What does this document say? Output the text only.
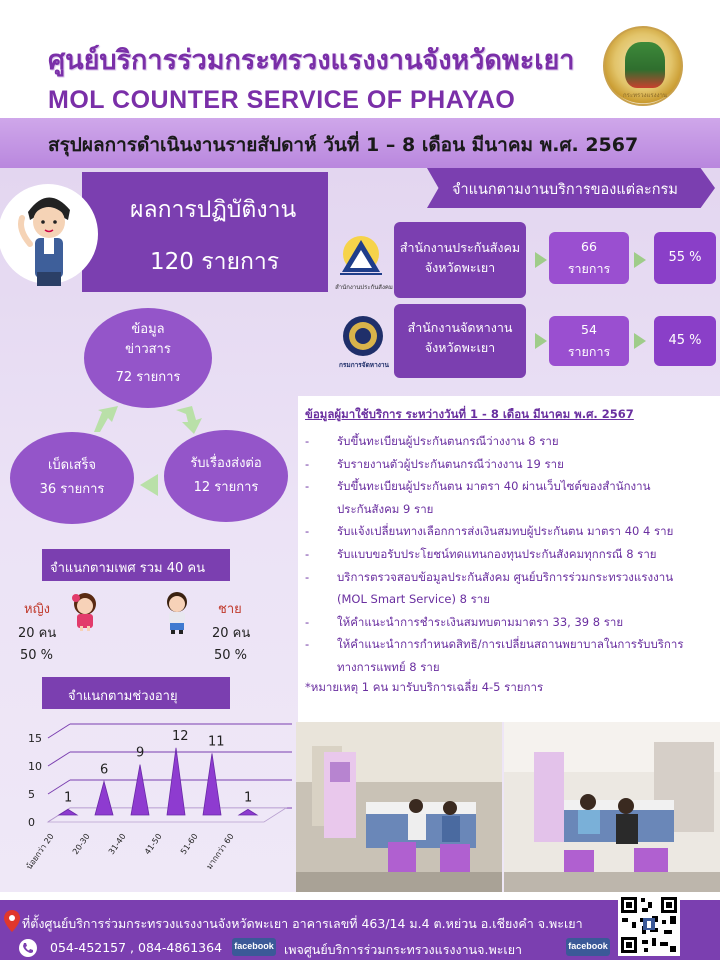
ศูนย์บริการร่วมกระทรวงแรงงานจังหวัดพะเยา
MOL COUNTER SERVICE OF PHAYAO	กระทรวงแรงงาน
สรุปผลการดำเนินงานรายสัปดาห์ วันที่ 1 – 8 เดือน มีนาคม พ.ศ. 2567
ผลการปฏิบัติงาน
120 รายการ
จำแนกตามงานบริการของแต่ละกรม
สำนักงานประกันสังคม
สำนักงานประกันสังคม
จังหวัดพะเยา
66
รายการ
55 %
กรมการจัดหางาน
สำนักงานจัดหางาน
จังหวัดพะเยา
54
รายการ
45 %
ข้อมูล
ข่าวสาร
72 รายการ
รับเรื่องส่งต่อ
12 รายการ
เบ็ดเสร็จ
36 รายการ
จำแนกตามเพศ รวม 40 คน
หญิง
20 คน
50 %
ชาย
20 คน
50 %
จำแนกตามช่วงอายุ
0
5
10
15
1
น้อยกว่า 20
6
20-30
9
31-40
12
41-50
11
51-60
1
มากกว่า 60
ข้อมูลผู้มาใช้บริการ ระหว่างวันที่ 1 - 8 เดือน มีนาคม พ.ศ. 2567
- รับขึ้นทะเบียนผู้ประกันตนกรณีว่างงาน 8 ราย
- รับรายงานตัวผู้ประกันตนกรณีว่างงาน 19 ราย
- รับขึ้นทะเบียนผู้ประกันตน มาตรา 40 ผ่านเว็บไซต์ของสำนักงาน
ประกันสังคม 9 ราย
- รับแจ้งเปลี่ยนทางเลือกการส่งเงินสมทบผู้ประกันตน มาตรา 40 4 ราย
- รับแบบขอรับประโยชน์ทดแทนกองทุนประกันสังคมทุกกรณี 8 ราย
- บริการตรวจสอบข้อมูลประกันสังคม ศูนย์บริการร่วมกระทรวงแรงงาน
(MOL Smart Service) 8 ราย
- ให้คำแนะนำการชำระเงินสมทบตามมาตรา 33, 39 8 ราย
- ให้คำแนะนำการกำหนดสิทธิ/การเปลี่ยนสถานพยาบาลในการรับบริการ
ทางการแพทย์ 8 ราย
*หมายเหตุ 1 คน มารับบริการเฉลี่ย 4-5 รายการ
ที่ตั้งศูนย์บริการร่วมกระทรวงแรงงานจังหวัดพะเยา อาคารเลขที่ 463/14 ม.4 ต.หย่วน อ.เชียงคำ จ.พะเยา
054-452157 , 084-4861364 facebook เพจศูนย์บริการร่วมกระทรวงแรงงานจ.พะเยา	facebook
